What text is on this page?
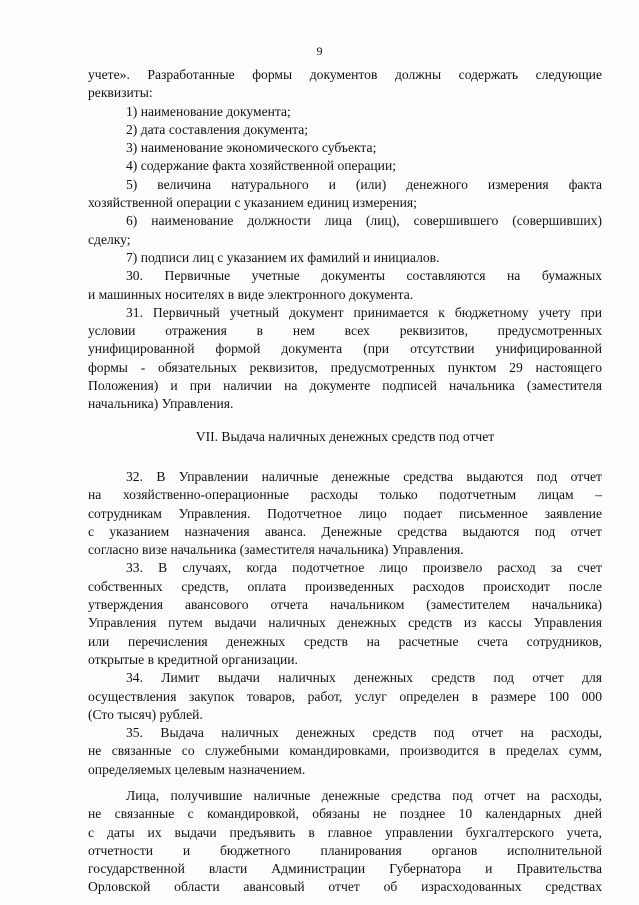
9
учете». Разработанные формы документов должны содержать следующие
реквизиты:
1) наименование документа;
2) дата составления документа;
3) наименование экономического субъекта;
4) содержание факта хозяйственной операции;
5) величина натурального и (или) денежного измерения факта
хозяйственной операции с указанием единиц измерения;
6) наименование должности лица (лиц), совершившего (совершивших)
сделку;
7) подписи лиц с указанием их фамилий и инициалов.
30. Первичные учетные документы составляются на бумажных
и машинных носителях в виде электронного документа.
31. Первичный учетный документ принимается к бюджетному учету при
условии отражения в нем всех реквизитов, предусмотренных
унифицированной формой документа (при отсутствии унифицированной
формы - обязательных реквизитов, предусмотренных пунктом 29 настоящего
Положения) и при наличии на документе подписей начальника (заместителя
начальника) Управления.
VII. Выдача наличных денежных средств под отчет
32. В Управлении наличные денежные средства выдаются под отчет
на хозяйственно-операционные расходы только подотчетным лицам –
сотрудникам Управления. Подотчетное лицо подает письменное заявление
с указанием назначения аванса. Денежные средства выдаются под отчет
согласно визе начальника (заместителя начальника) Управления.
33. В случаях, когда подотчетное лицо произвело расход за счет
собственных средств, оплата произведенных расходов происходит после
утверждения авансового отчета начальником (заместителем начальника)
Управления путем выдачи наличных денежных средств из кассы Управления
или перечисления денежных средств на расчетные счета сотрудников,
открытые в кредитной организации.
34. Лимит выдачи наличных денежных средств под отчет для
осуществления закупок товаров, работ, услуг определен в размере 100 000
(Сто тысяч) рублей.
35. Выдача наличных денежных средств под отчет на расходы,
не связанные со служебными командировками, производится в пределах сумм,
определяемых целевым назначением.
Лица, получившие наличные денежные средства под отчет на расходы,
не связанные с командировкой, обязаны не позднее 10 календарных дней
с даты их выдачи предъявить в главное управлении бухгалтерского учета,
отчетности и бюджетного планирования органов исполнительной
государственной власти Администрации Губернатора и Правительства
Орловской области авансовый отчет об израсходованных средствах
